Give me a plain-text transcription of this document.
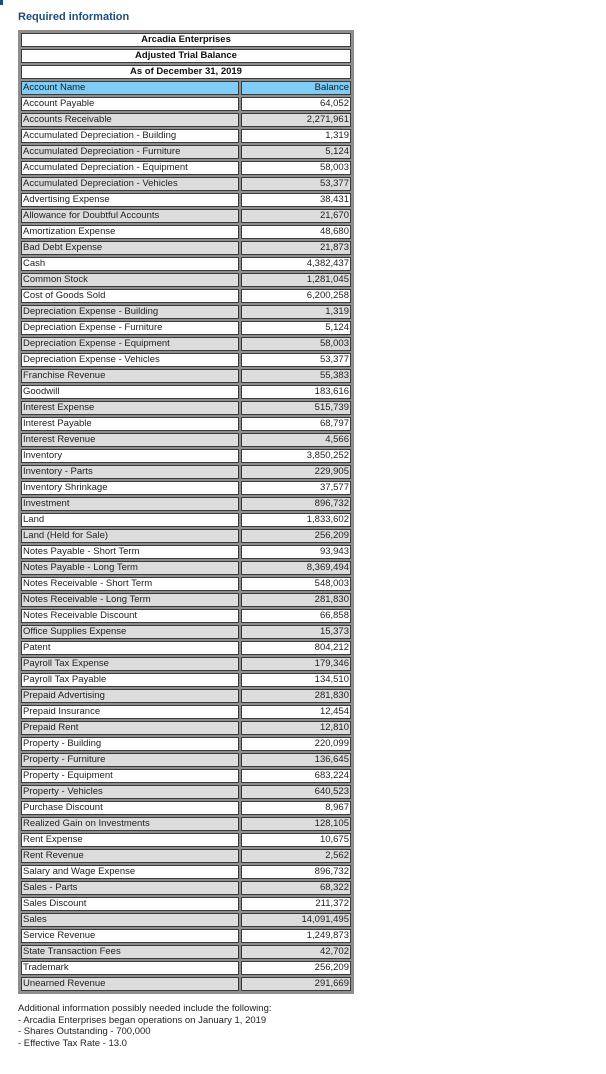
Required information
Arcadia Enterprises
Adjusted Trial Balance
As of December 31, 2019
Account Name	Balance
Account Payable	64,052
Accounts Receivable	2,271,961
Accumulated Depreciation - Building	1,319
Accumulated Depreciation - Furniture	5,124
Accumulated Depreciation - Equipment	58,003
Accumulated Depreciation - Vehicles	53,377
Advertising Expense	38,431
Allowance for Doubtful Accounts	21,670
Amortization Expense	48,680
Bad Debt Expense	21,873
Cash	4,382,437
Common Stock	1,281,045
Cost of Goods Sold	6,200,258
Depreciation Expense - Building	1,319
Depreciation Expense - Furniture	5,124
Depreciation Expense - Equipment	58,003
Depreciation Expense - Vehicles	53,377
Franchise Revenue	55,383
Goodwill	183,616
Interest Expense	515,739
Interest Payable	68,797
Interest Revenue	4,566
Inventory	3,850,252
Inventory - Parts	229,905
Inventory Shrinkage	37,577
Investment	896,732
Land	1,833,602
Land (Held for Sale)	256,209
Notes Payable - Short Term	93,943
Notes Payable - Long Term	8,369,494
Notes Receivable - Short Term	548,003
Notes Receivable - Long Term	281,830
Notes Receivable Discount	66,858
Office Supplies Expense	15,373
Patent	804,212
Payroll Tax Expense	179,346
Payroll Tax Payable	134,510
Prepaid Advertising	281,830
Prepaid Insurance	12,454
Prepaid Rent	12,810
Property - Building	220,099
Property - Furniture	136,645
Property - Equipment	683,224
Property - Vehicles	640,523
Purchase Discount	8,967
Realized Gain on Investments	128,105
Rent Expense	10,675
Rent Revenue	2,562
Salary and Wage Expense	896,732
Sales - Parts	68,322
Sales Discount	211,372
Sales	14,091,495
Service Revenue	1,249,873
State Transaction Fees	42,702
Trademark	256,209
Unearned Revenue	291,669
Additional information possibly needed include the following:
- Arcadia Enterprises began operations on January 1, 2019
- Shares Outstanding - 700,000
- Effective Tax Rate - 13.0
